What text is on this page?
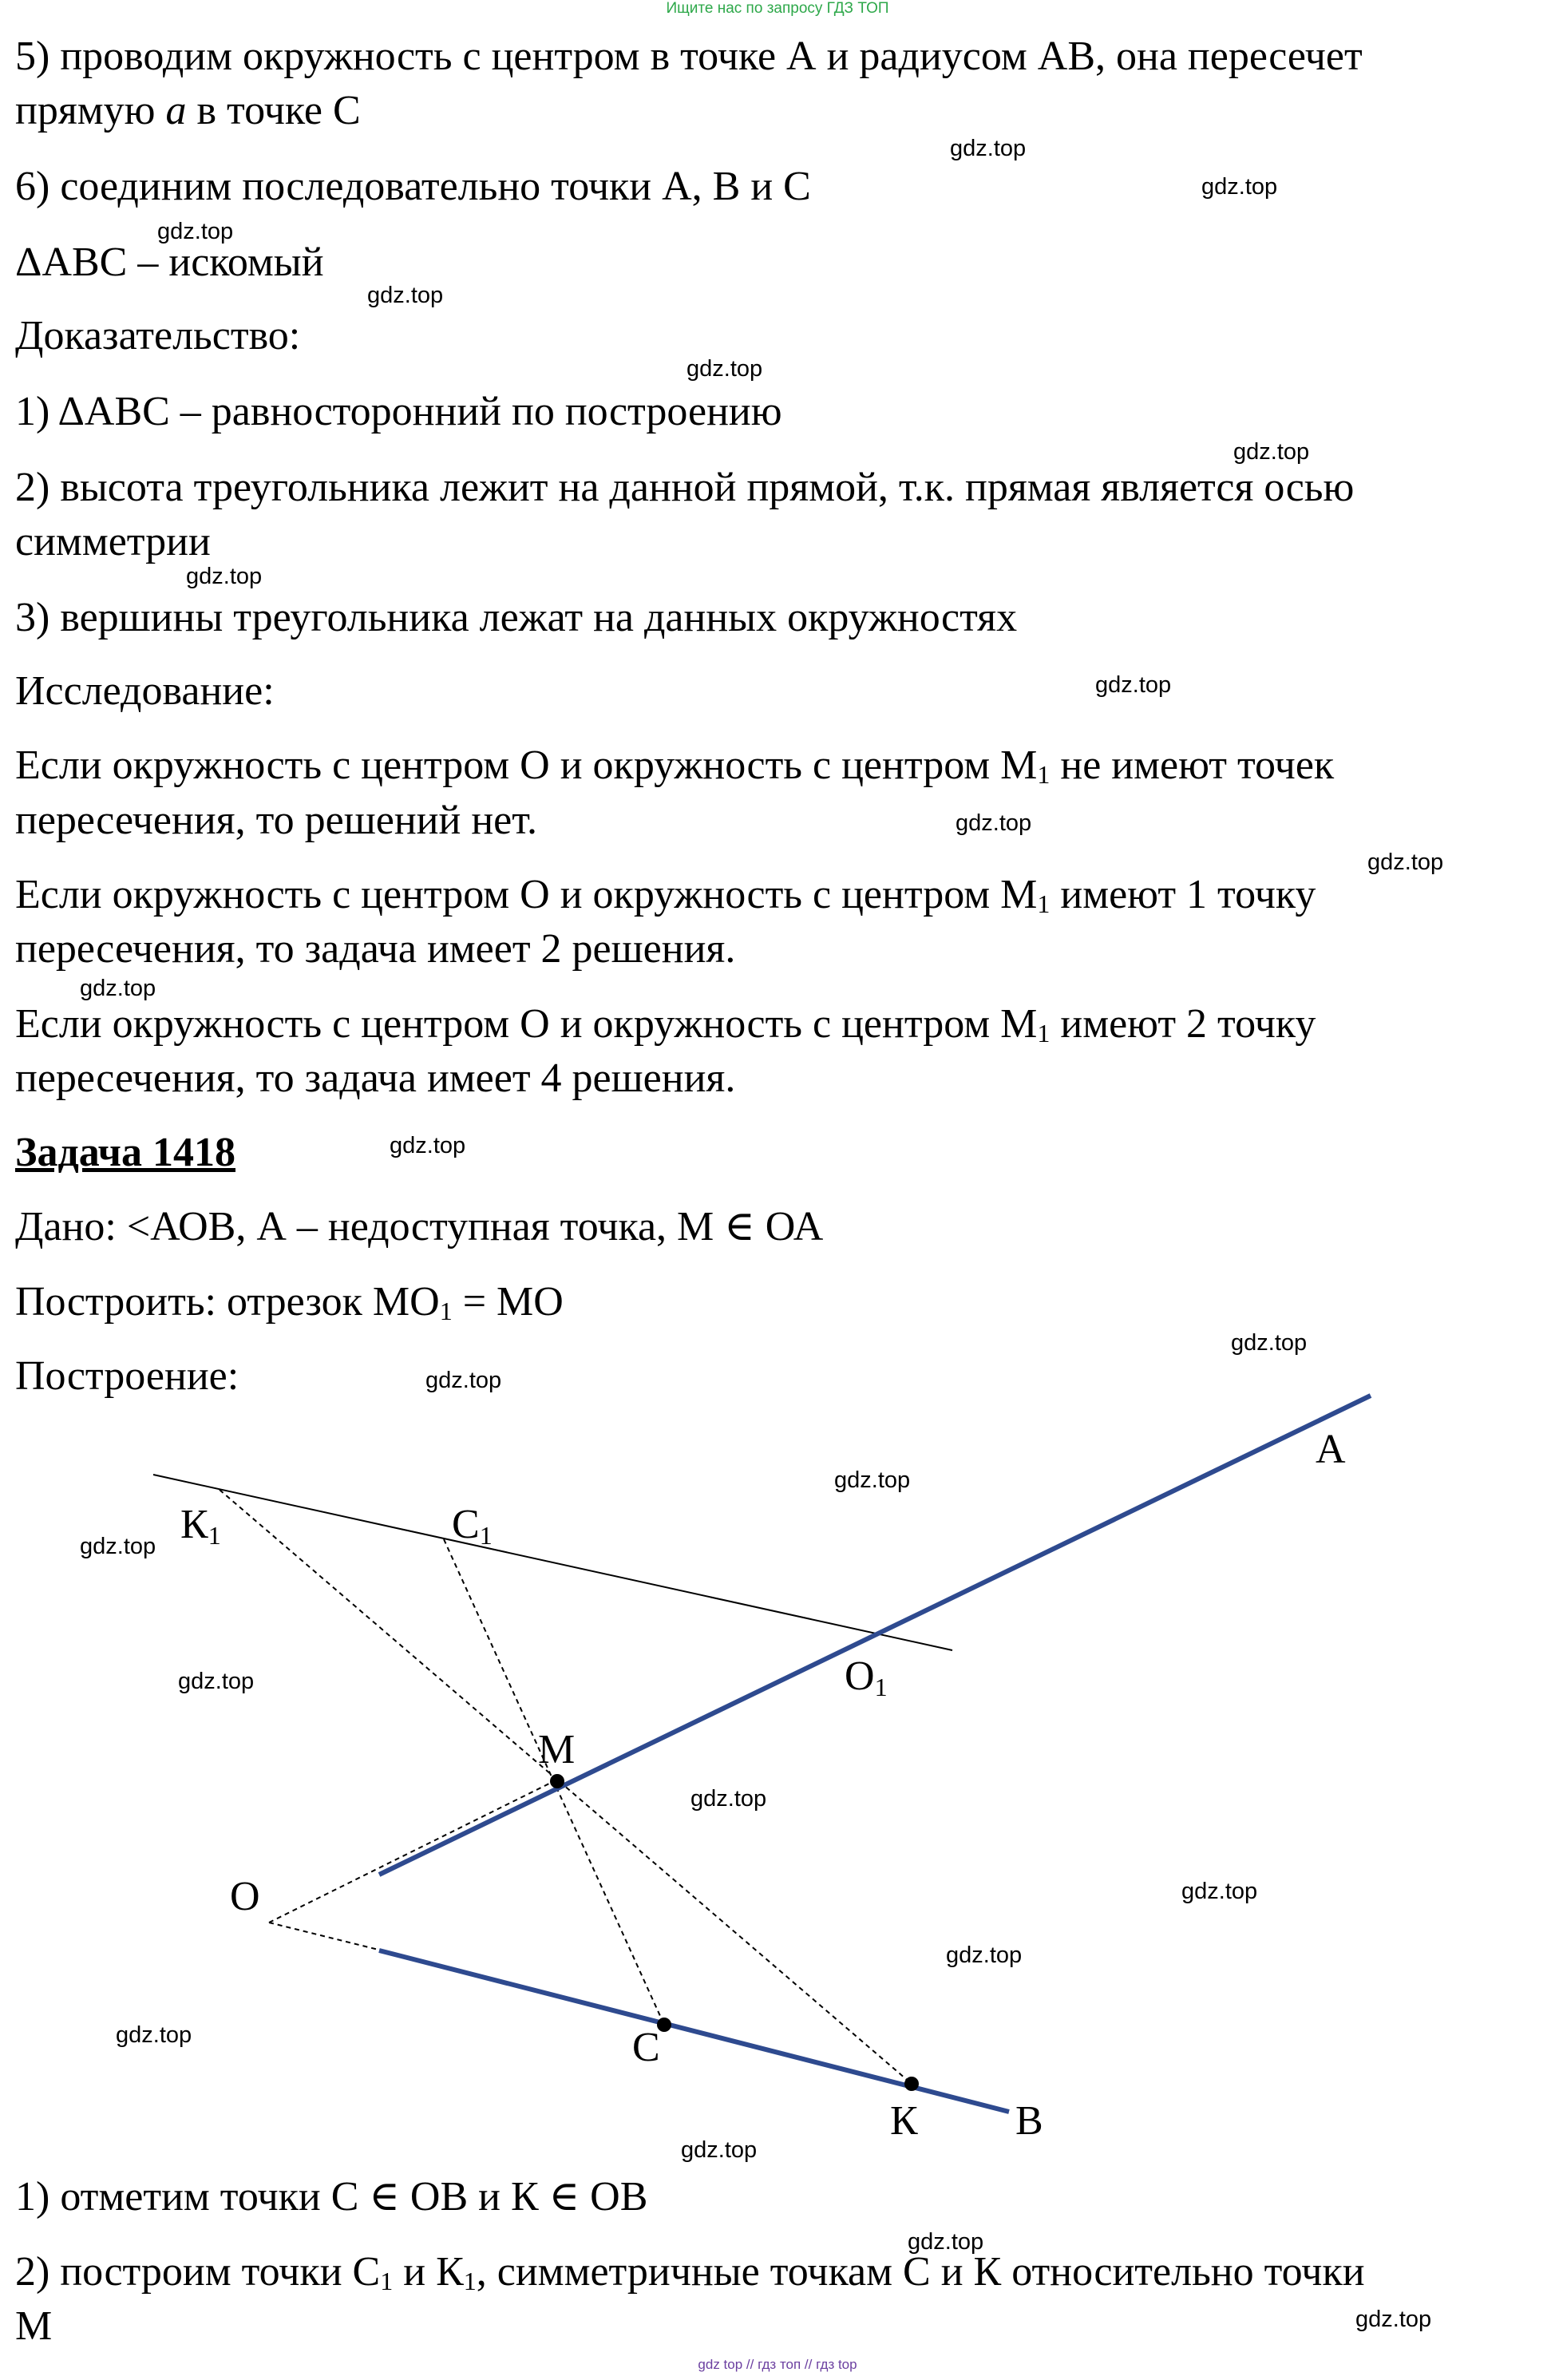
Ищите нас по запросу ГДЗ ТОП
5) проводим окружность с центром в точке А и радиусом АВ, она пересечет
прямую a в точке С
6) соединим последовательно точки А, В и С
ΔАВС – искомый
Доказательство:
1) ΔАВС – равносторонний по построению
2) высота треугольника лежит на данной прямой, т.к. прямая является осью
симметрии
3) вершины треугольника лежат на данных окружностях
Исследование:
Если окружность с центром О и окружность с центром $М_1$ не имеют точек
пересечения, то решений нет.
Если окружность с центром О и окружность с центром $М_1$ имеют 1 точку
пересечения, то задача имеет 2 решения.
Если окружность с центром О и окружность с центром $М_1$ имеют 2 точку
пересечения, то задача имеет 4 решения.
Задача 1418
Дано: <АОВ, А – недоступная точка, М ∈ ОА
Построить: отрезок $МО_1$ = МО
Построение:
1) отметим точки С ∈ ОВ и К ∈ ОВ
2) построим точки $С_1$ и $К_1$, симметричные точкам С и К относительно точки
М
А
В
О
М
С
К
С1
К1
О1
gdz.top
gdz.top
gdz.top
gdz.top
gdz.top
gdz.top
gdz.top
gdz.top
gdz.top
gdz.top
gdz.top
gdz.top
gdz.top
gdz.top
gdz.top
gdz.top
gdz.top
gdz.top
gdz.top
gdz.top
gdz.top
gdz.top
gdz.top
gdz.top
gdz top // гдз топ // гдз top
